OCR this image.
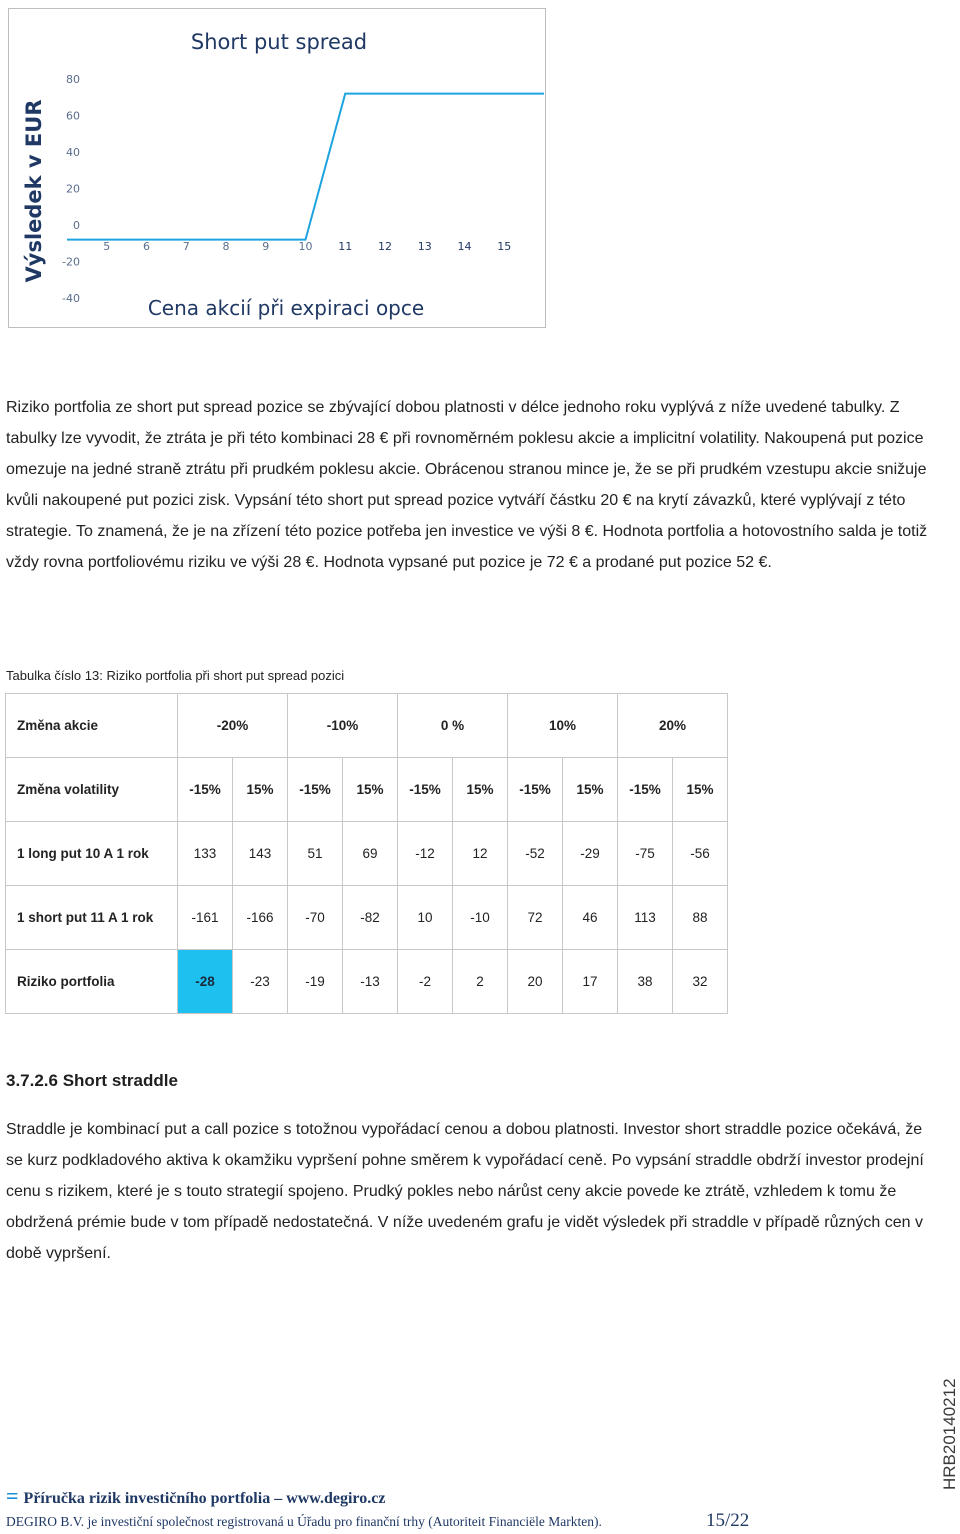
Short put spread
Cena akcií při expiraci opce
Výsledek v EUR
80
60
40
20
0
-20
-40
5	6	7	8	9	10 11 12 13 14 15
Riziko portfolia ze short put spread pozice se zbývající dobou platnosti v délce jednoho roku vyplývá z níže uvedené tabulky. Z tabulky lze vyvodit, že ztráta je při této kombinaci 28 € při rovnoměrném poklesu akcie a implicitní volatility. Nakoupená put pozice omezuje na jedné straně ztrátu při prudkém poklesu akcie. Obrácenou stranou mince je, že se při prudkém vzestupu akcie snižuje kvůli nakoupené put pozici zisk. Vypsání této short put spread pozice vytváří částku 20 € na krytí závazků, které vyplývají z této strategie. To znamená, že je na zřízení této pozice potřeba jen investice ve výši 8 €. Hodnota portfolia a hotovostního salda je totiž vždy rovna portfoliovému riziku ve výši 28 €. Hodnota vypsané put pozice je 72 € a prodané put pozice 52 €.
Tabulka číslo 13: Riziko portfolia při short put spread pozici
Změna akcie	-20%		-10%		0 %		10%		20%	
Změna volatility	-15%	15%	-15%	15%	-15%	15%	-15%	15%	-15%	15%
1 long put 10 A 1 rok	133	143	51	69	-12	12	-52	-29	-75	-56
1 short put 11 A 1 rok	-161	-166	-70	-82	10	-10	72	46	113	88
Riziko portfolia	-28	-23	-19	-13	-2	2	20	17	38	32
3.7.2.6 Short straddle
Straddle je kombinací put a call pozice s totožnou vypořádací cenou a dobou platnosti. Investor short straddle pozice očekává, že se kurz podkladového aktiva k okamžiku vypršení pohne směrem k vypořádací ceně. Po vypsání straddle obdrží investor prodejní cenu s rizikem, které je s touto strategií spojeno. Prudký pokles nebo nárůst ceny akcie povede ke ztrátě, vzhledem k tomu že obdržená prémie bude v tom případě nedostatečná. V níže uvedeném grafu je vidět výsledek při straddle v případě různých cen v době vypršení.
= Příručka rizik investičního portfolia – www.degiro.cz
DEGIRO B.V. je investiční společnost registrovaná u Úřadu pro finanční trhy (Autoriteit Financiële Markten).	15/22
HRB20140212
